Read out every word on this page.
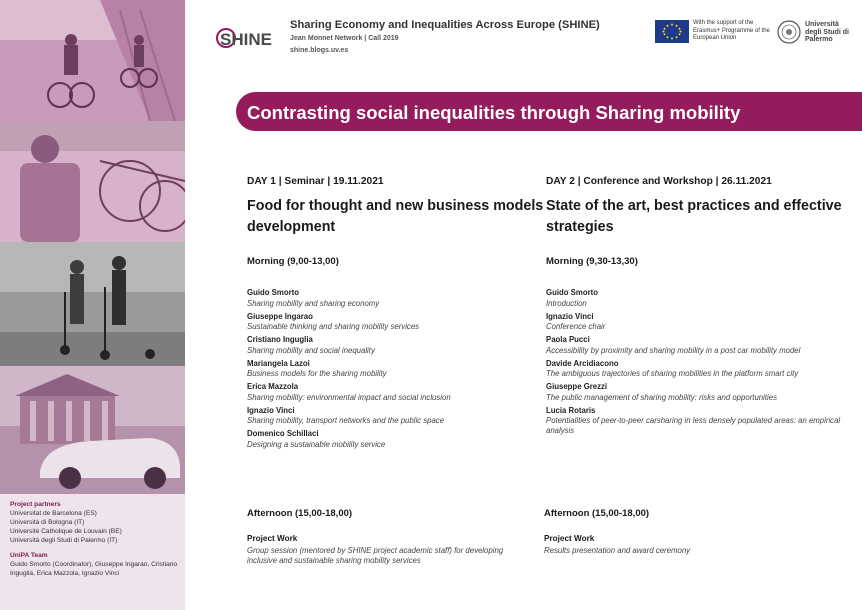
Project partners
Universitat de Barcelona (ES)
Università di Bologna (IT)
Université Catholique de Louvain (BE)
Università degli Studi di Palermo (IT)
UniPA Team
Guido Smorto (Coordinator), Giuseppe Ingarao, Cristiano Inguglia, Erica Mazzola, Ignazio Vinci
SHINE
Sharing Economy and Inequalities Across Europe (SHINE)
Jean Monnet Network | Call 2019
shine.blogs.uv.es
With the support of the Erasmus+ Programme of the European Union
Università degli Studi di Palermo
Contrasting social inequalities through Sharing mobility
DAY 1 | Seminar | 19.11.2021
Food for thought and new business models development
Morning (9,00-13,00)
Guido Smorto
Sharing mobility and sharing economy
Giuseppe Ingarao
Sustainable thinking and sharing mobility services
Cristiano Inguglia
Sharing mobility and social inequality
Mariangela Lazoi
Business models for the sharing mobility
Erica Mazzola
Sharing mobility: environmental impact and social inclusion
Ignazio Vinci
Sharing mobility, transport networks and the public space
Domenico Schillaci
Designing a sustainable mobility service
DAY 2 | Conference and Workshop | 26.11.2021
State of the art, best practices and effective strategies
Morning (9,30-13,30)
Guido Smorto
Introduction
Ignazio Vinci
Conference chair
Paola Pucci
Accessibility by proximity and sharing mobility in a post car mobility model
Davide Arcidiacono
The ambiguous trajectories of sharing mobilities in the platform smart city
Giuseppe Grezzi
The public management of sharing mobility: risks and opportunities
Lucia Rotaris
Potentialities of peer-to-peer carsharing in less densely populated areas: an empirical analysis
Afternoon (15,00-18,00)
Project Work
Group session (mentored by SHINE project academic staff) for developing inclusive and sustainable sharing mobility services
Afternoon (15,00-18,00)
Project Work
Results presentation and award ceremony
